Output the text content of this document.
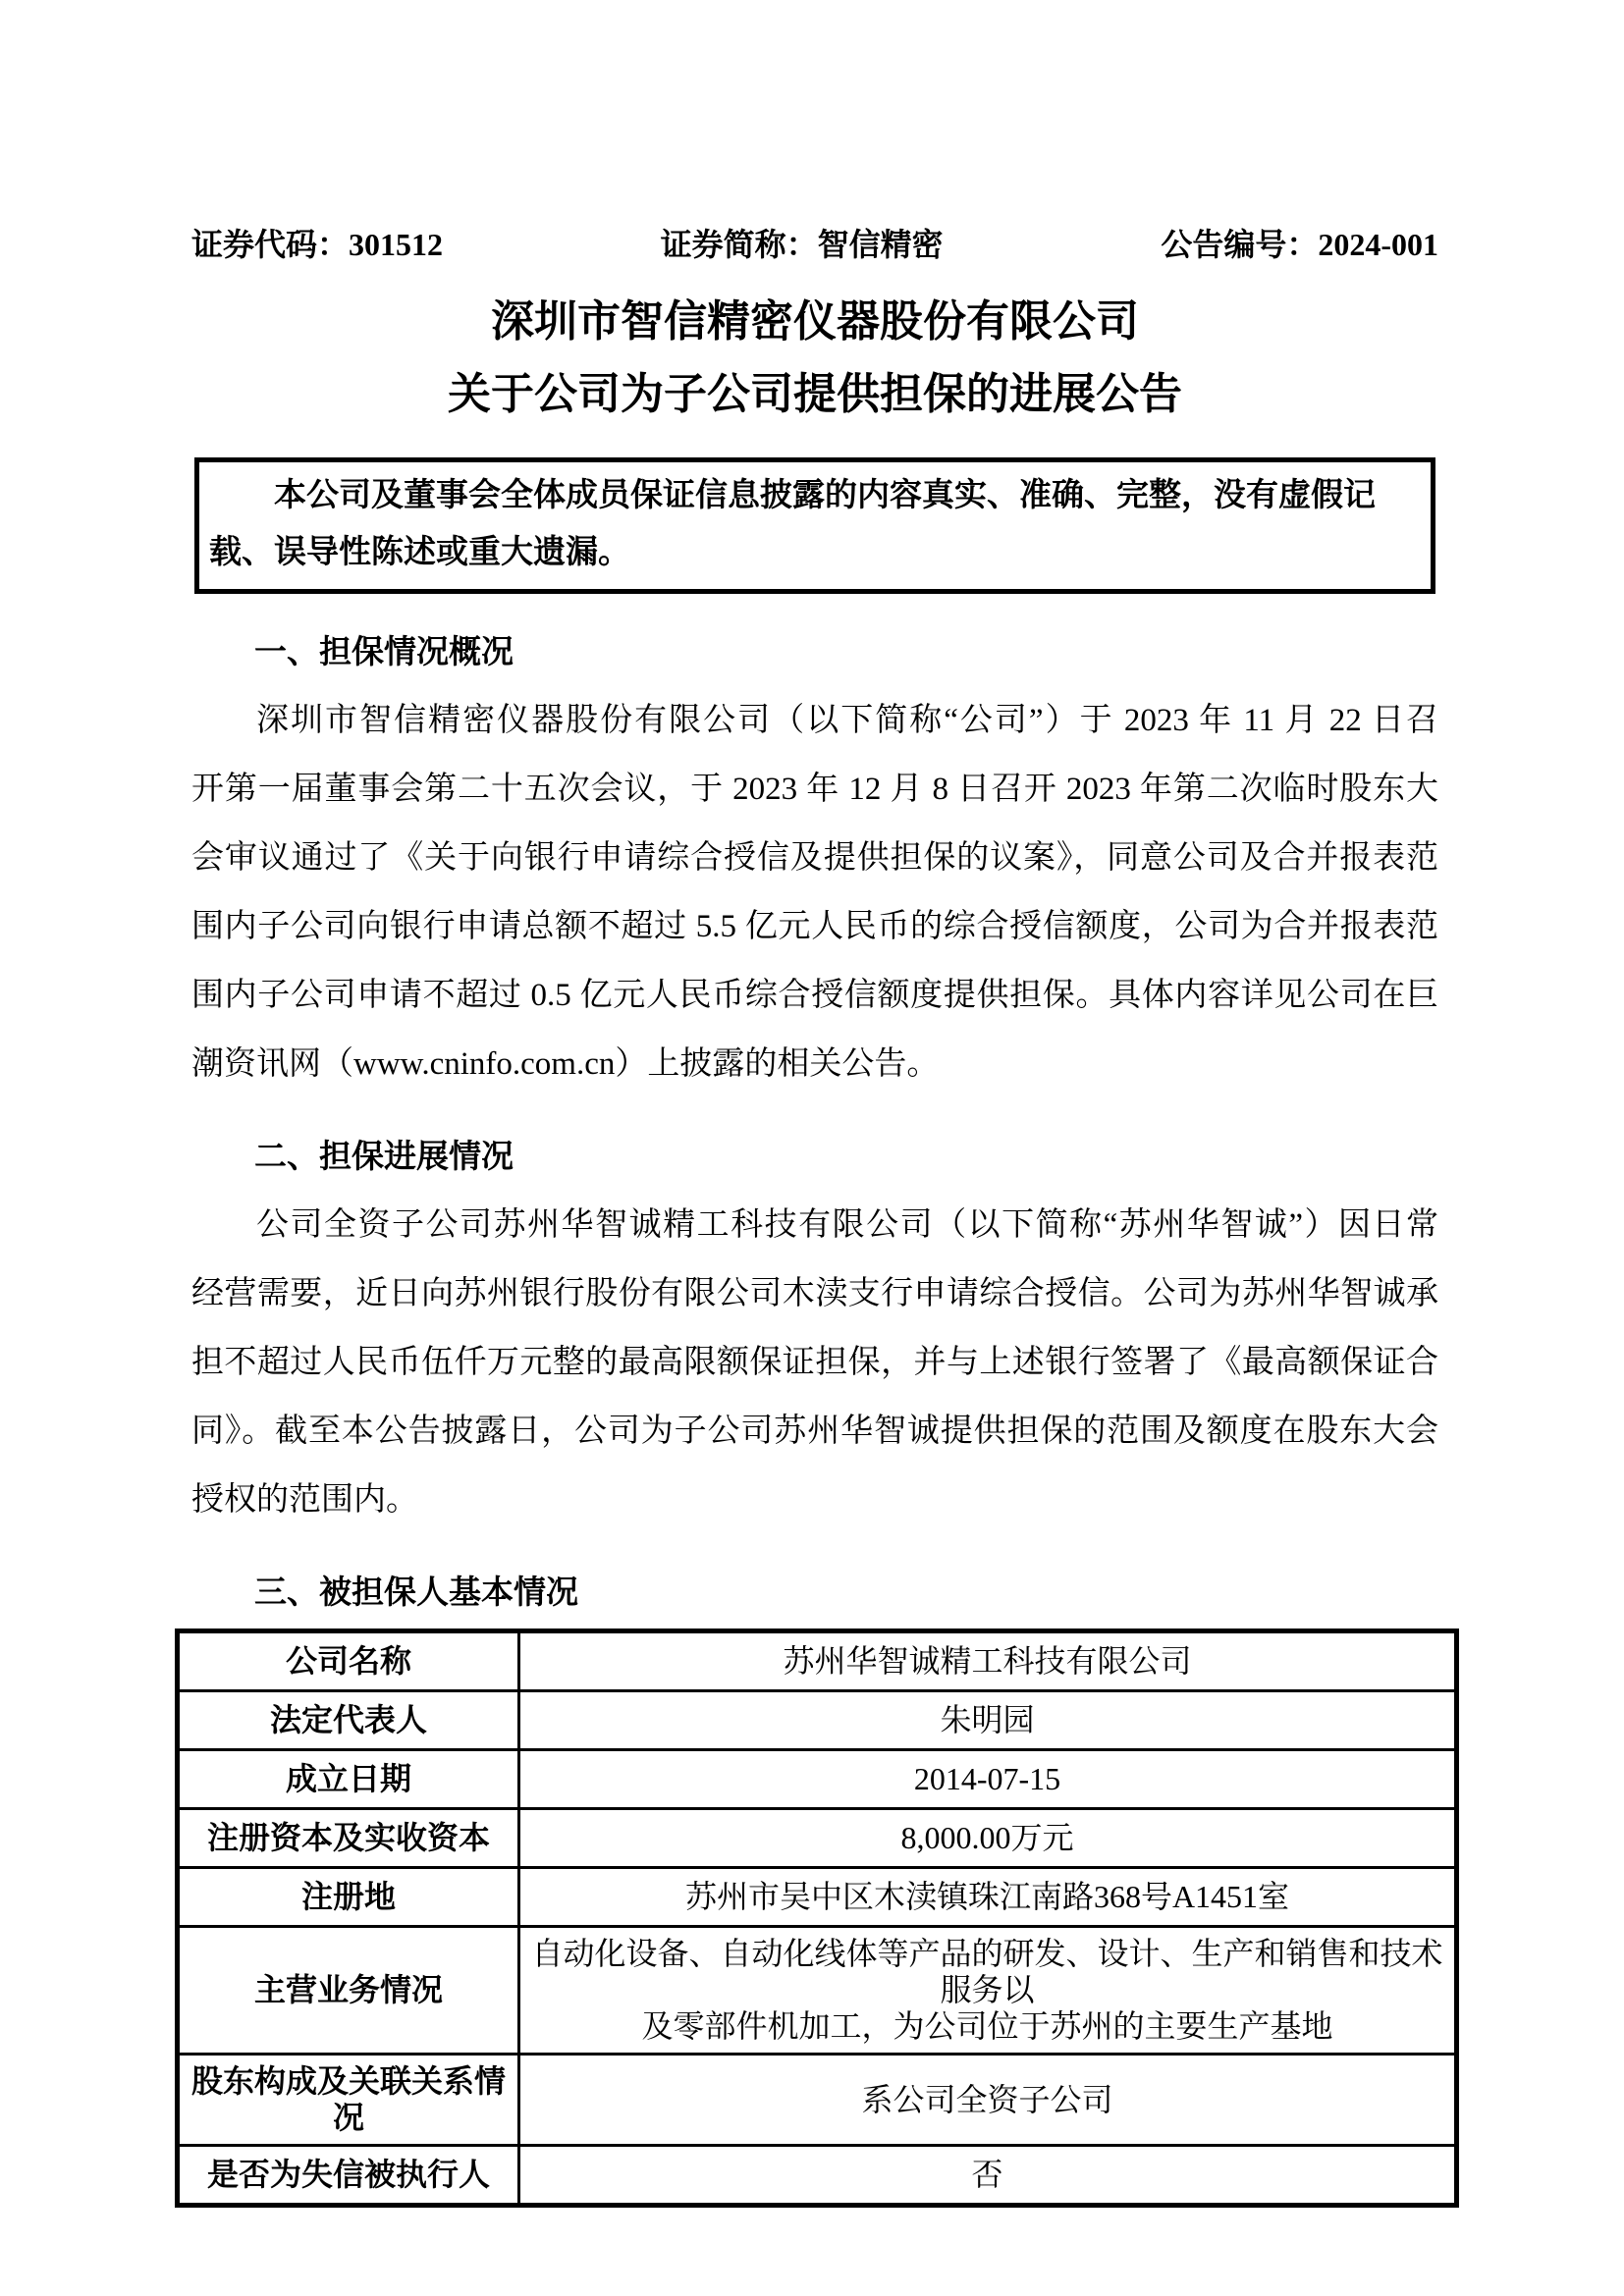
证券代码：301512	证券简称：智信精密	公告编号：2024-001
深圳市智信精密仪器股份有限公司
关于公司为子公司提供担保的进展公告
本公司及董事会全体成员保证信息披露的内容真实、准确、完整，没有虚假记
载、误导性陈述或重大遗漏。
一、担保情况概况
深圳市智信精密仪器股份有限公司（以下简称“公司”）于 2023 年 11 月 22 日召
开第一届董事会第二十五次会议，于 2023 年 12 月 8 日召开 2023 年第二次临时股东大
会审议通过了《关于向银行申请综合授信及提供担保的议案》，同意公司及合并报表范
围内子公司向银行申请总额不超过 5.5 亿元人民币的综合授信额度，公司为合并报表范
围内子公司申请不超过 0.5 亿元人民币综合授信额度提供担保。具体内容详见公司在巨
潮资讯网（www.cninfo.com.cn）上披露的相关公告。
二、担保进展情况
公司全资子公司苏州华智诚精工科技有限公司（以下简称“苏州华智诚”）因日常
经营需要，近日向苏州银行股份有限公司木渎支行申请综合授信。公司为苏州华智诚承
担不超过人民币伍仟万元整的最高限额保证担保，并与上述银行签署了《最高额保证合
同》。截至本公告披露日，公司为子公司苏州华智诚提供担保的范围及额度在股东大会
授权的范围内。
三、被担保人基本情况
公司名称	苏州华智诚精工科技有限公司

法定代表人	朱明园

成立日期	2014-07-15

注册资本及实收资本	8,000.00万元

注册地	苏州市吴中区木渎镇珠江南路368号A1451室

主营业务情况	自动化设备、自动化线体等产品的研发、设计、生产和销售和技术服务以
及零部件机加工，为公司位于苏州的主要生产基地

股东构成及关联关系情
况	系公司全资子公司

是否为失信被执行人	否
